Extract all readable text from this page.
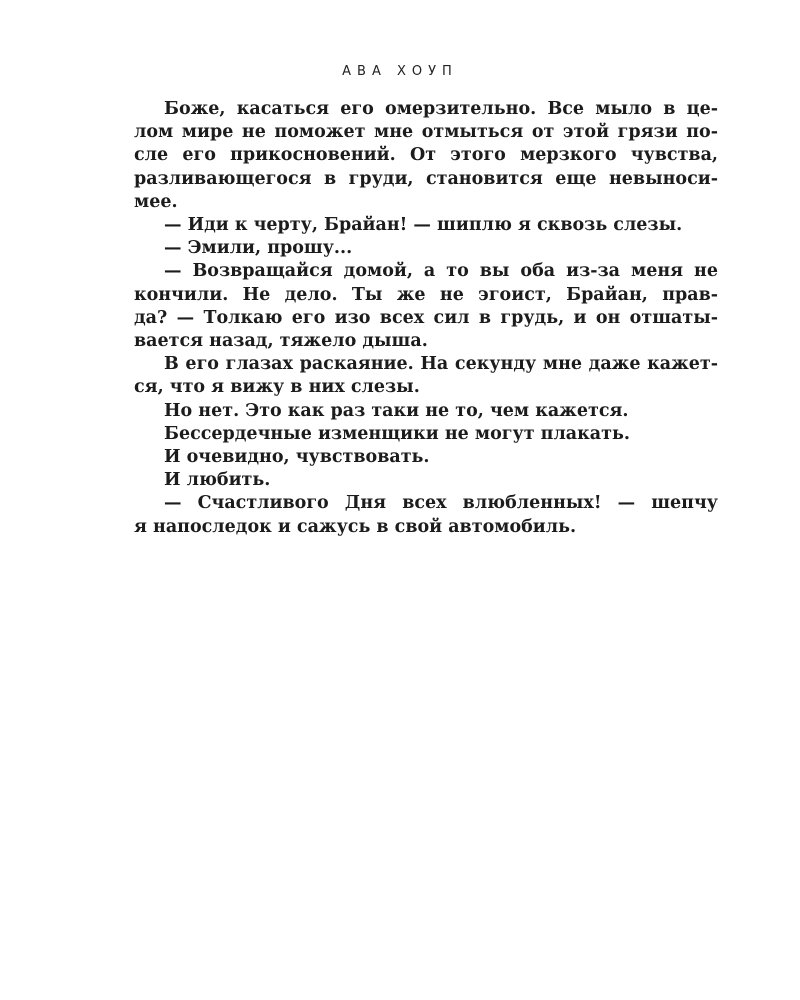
АВА ХОУП
Боже, касаться его омерзительно. Все мыло в це-
лом мире не поможет мне отмыться от этой грязи по-
сле его прикосновений. От этого мерзкого чувства,
разливающегося в груди, становится еще невыноси-
мее.
— Иди к черту, Брайан! — шиплю я сквозь слезы.
— Эмили, прошу...
— Возвращайся домой, а то вы оба из-за меня не
кончили. Не дело. Ты же не эгоист, Брайан, прав-
да? — Толкаю его изо всех сил в грудь, и он отшаты-
вается назад, тяжело дыша.
В его глазах раскаяние. На секунду мне даже кажет-
ся, что я вижу в них слезы.
Но нет. Это как раз таки не то, чем кажется.
Бессердечные изменщики не могут плакать.
И очевидно, чувствовать.
И любить.
— Счастливого Дня всех влюбленных! — шепчу
я напоследок и сажусь в свой автомобиль.
